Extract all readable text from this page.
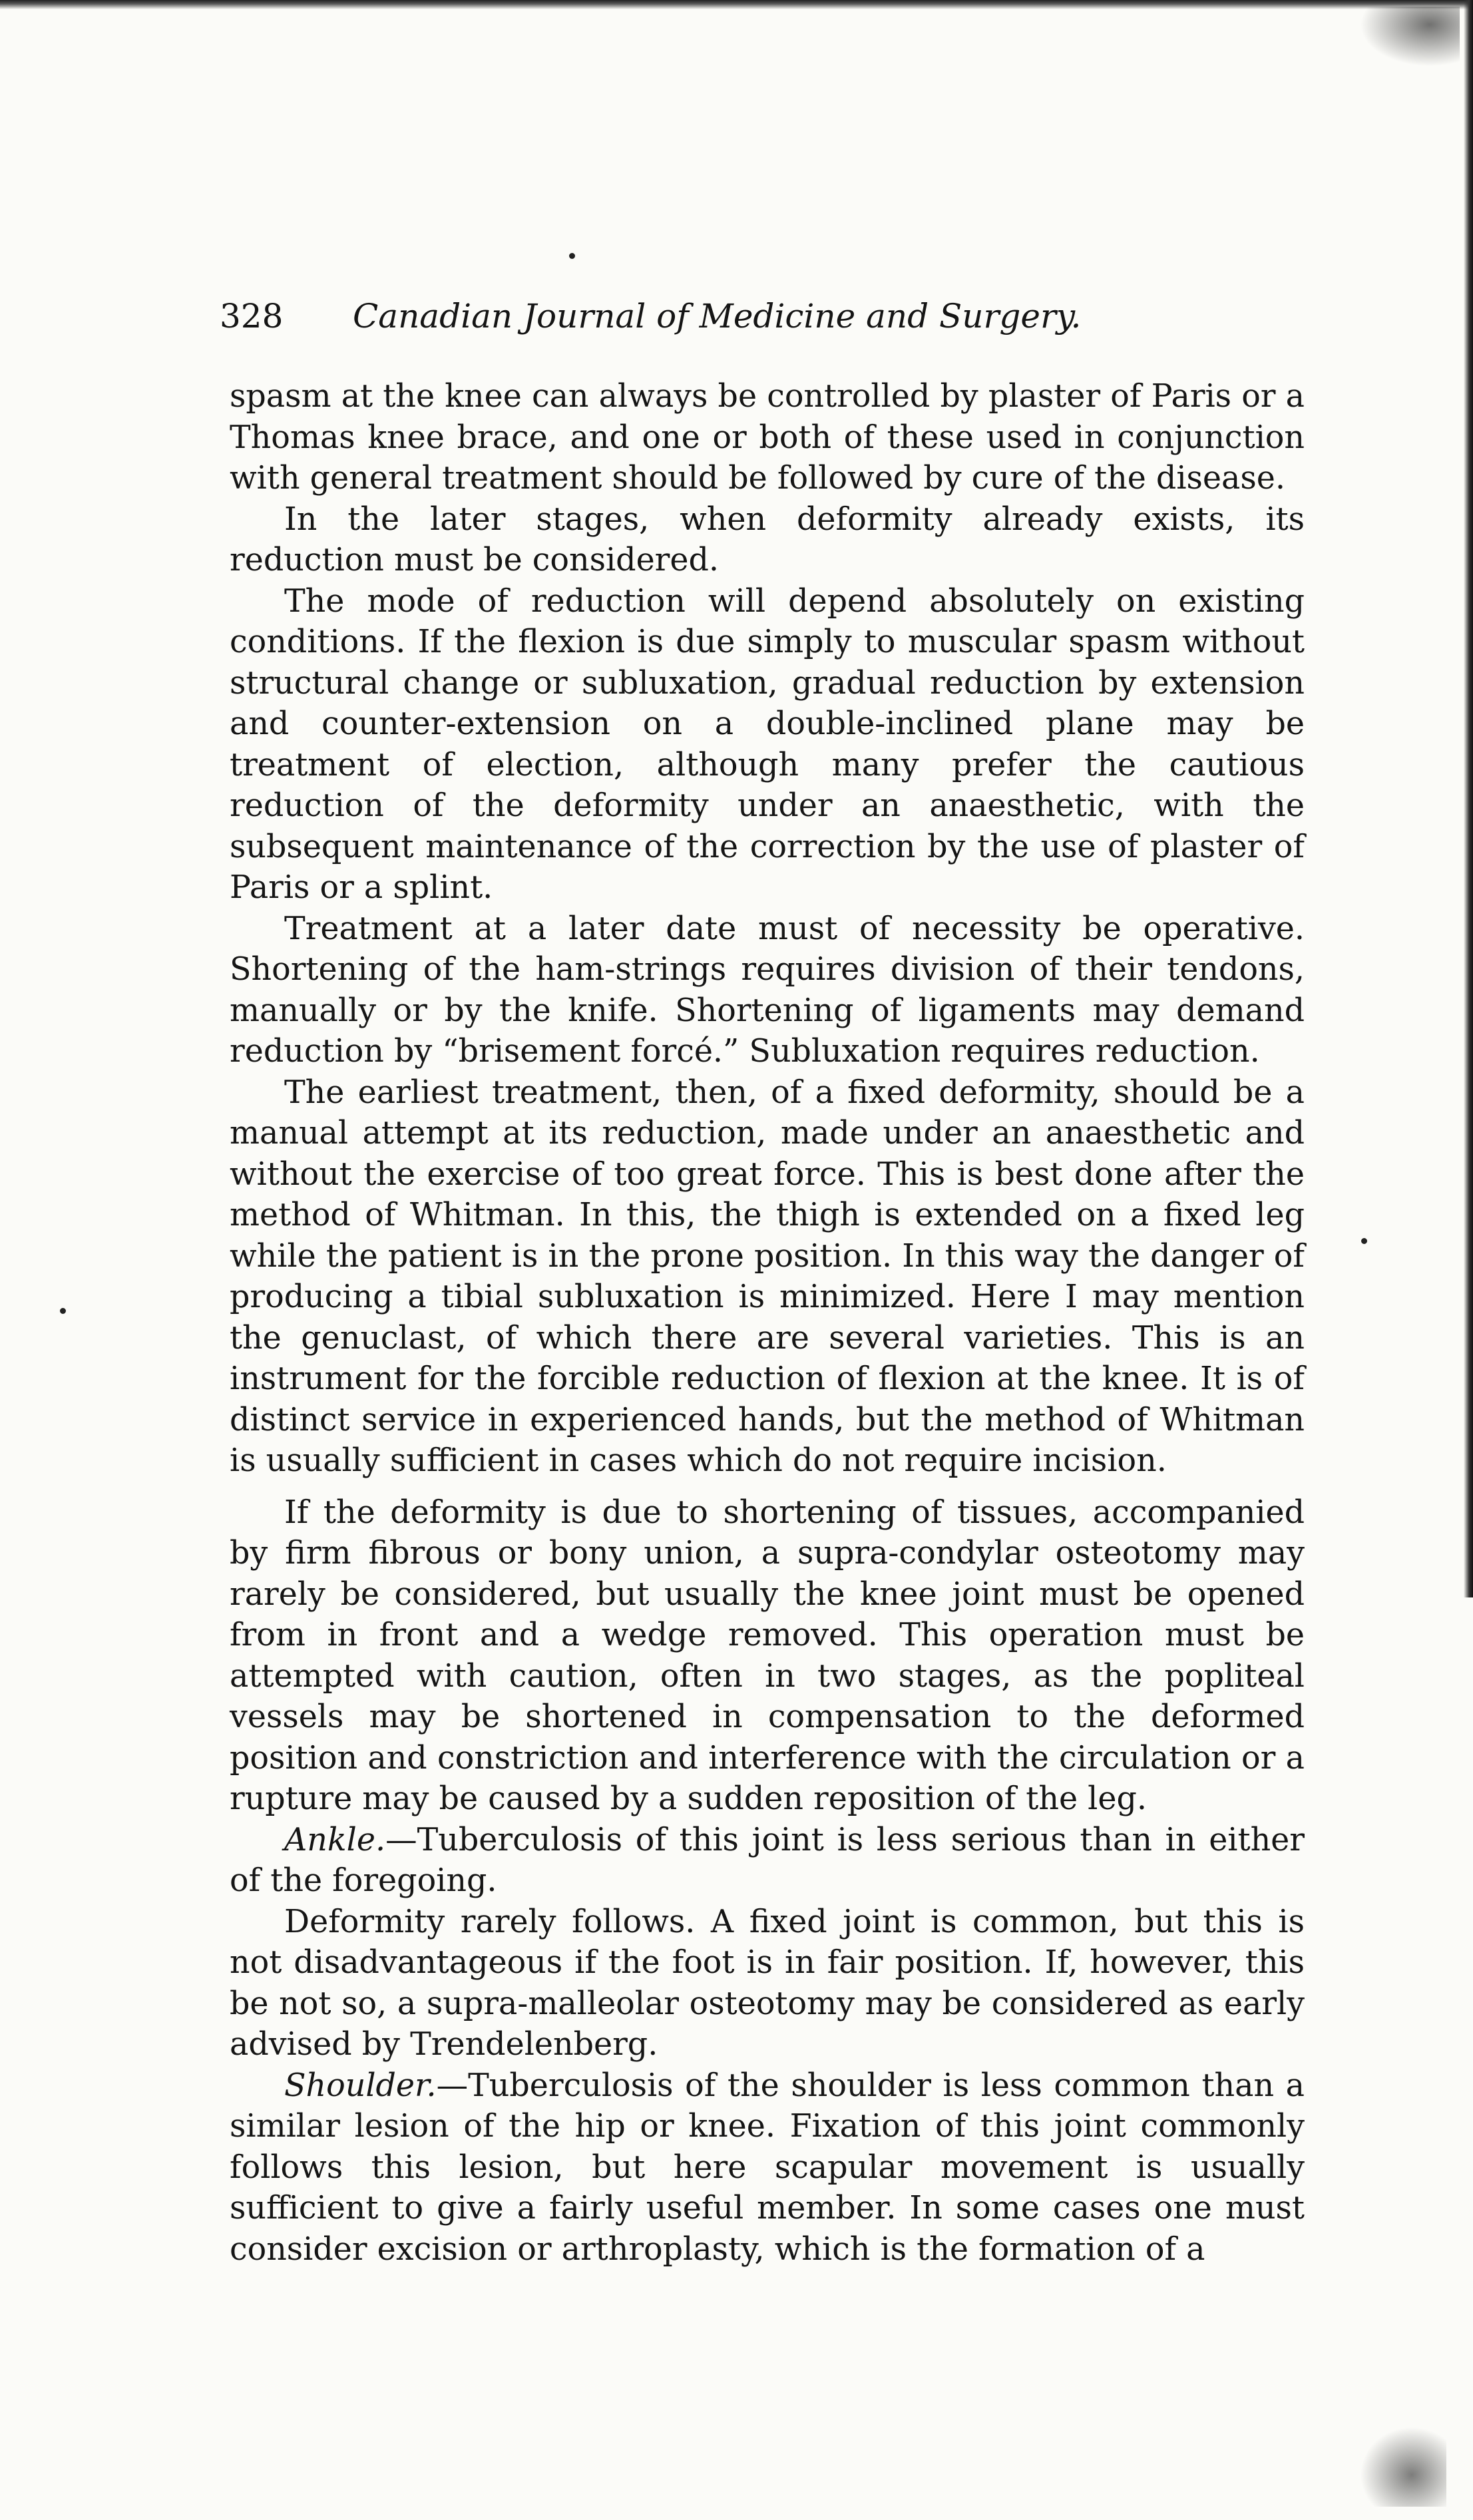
328	Canadian Journal of Medicine and Surgery.

spasm at the knee can always be controlled by plaster of Paris or a Thomas knee brace, and one or both of these used in conjunction with general treatment should be followed by cure of the disease.

In the later stages, when deformity already exists, its reduction must be considered.

The mode of reduction will depend absolutely on existing conditions. If the flexion is due simply to muscular spasm without structural change or subluxation, gradual reduction by extension and counter-extension on a double-inclined plane may be treatment of election, although many prefer the cautious reduction of the deformity under an anaesthetic, with the subsequent maintenance of the correction by the use of plaster of Paris or a splint.

Treatment at a later date must of necessity be operative. Shortening of the ham-strings requires division of their tendons, manually or by the knife. Shortening of ligaments may demand reduction by “brisement forcé.” Subluxation requires reduction.

The earliest treatment, then, of a fixed deformity, should be a manual attempt at its reduction, made under an anaesthetic and without the exercise of too great force. This is best done after the method of Whitman. In this, the thigh is extended on a fixed leg while the patient is in the prone position. In this way the danger of producing a tibial subluxation is minimized. Here I may mention the genuclast, of which there are several varieties. This is an instrument for the forcible reduction of flexion at the knee. It is of distinct service in experienced hands, but the method of Whitman is usually sufficient in cases which do not require incision.

If the deformity is due to shortening of tissues, accompanied by firm fibrous or bony union, a supra-condylar osteotomy may rarely be considered, but usually the knee joint must be opened from in front and a wedge removed. This operation must be attempted with caution, often in two stages, as the popliteal vessels may be shortened in compensation to the deformed position and constriction and interference with the circulation or a rupture may be caused by a sudden reposition of the leg.

Ankle.—Tuberculosis of this joint is less serious than in either of the foregoing.

Deformity rarely follows. A fixed joint is common, but this is not disadvantageous if the foot is in fair position. If, however, this be not so, a supra-malleolar osteotomy may be considered as early advised by Trendelenberg.

Shoulder.—Tuberculosis of the shoulder is less common than a similar lesion of the hip or knee. Fixation of this joint commonly follows this lesion, but here scapular movement is usually sufficient to give a fairly useful member. In some cases one must consider excision or arthroplasty, which is the formation of a
